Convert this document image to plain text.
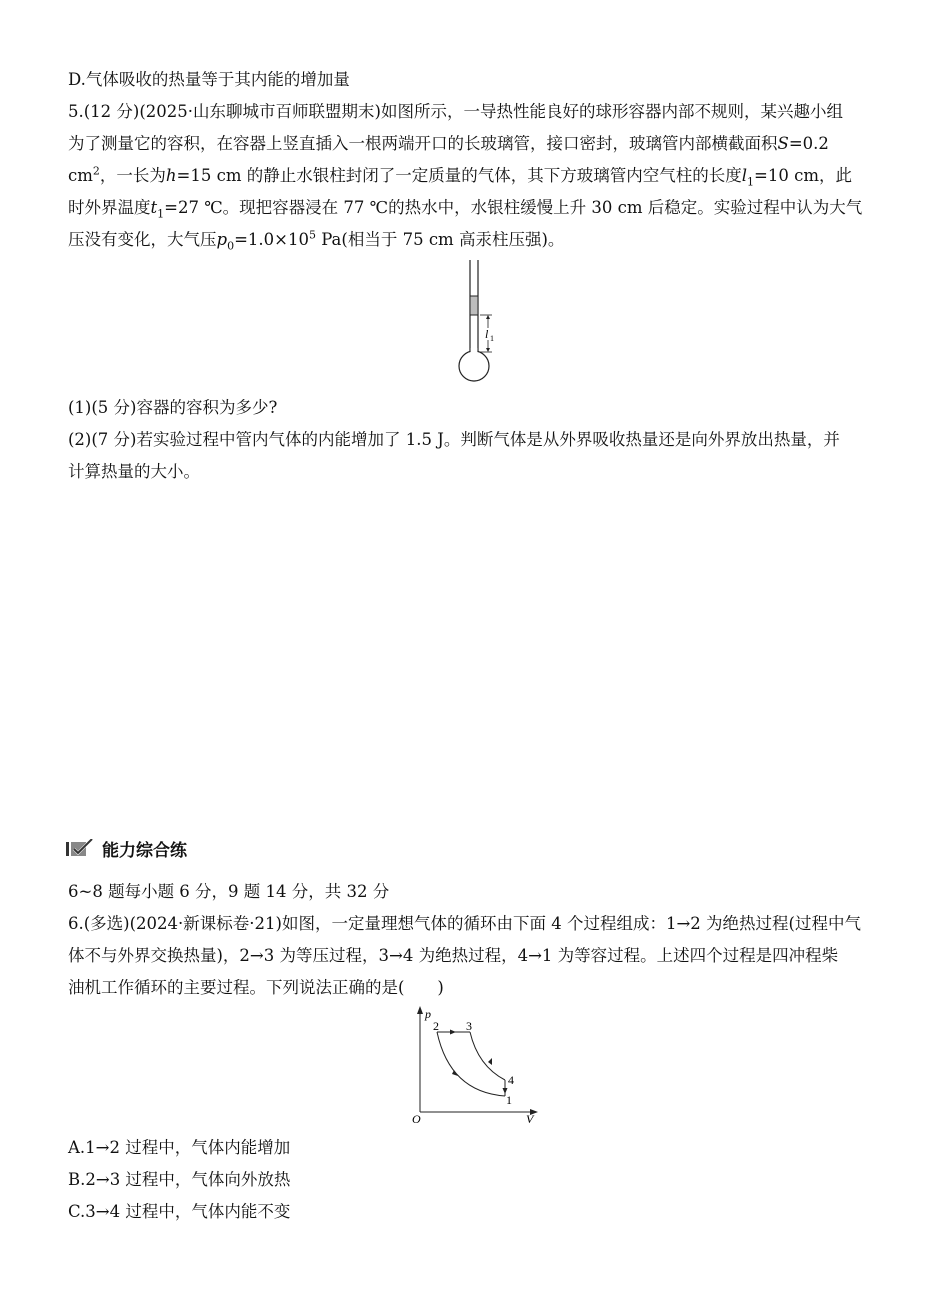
D.气体吸收的热量等于其内能的增加量
5.(12 分)(2025·山东聊城市百师联盟期末)如图所示，一导热性能良好的球形容器内部不规则，某兴趣小组
为了测量它的容积，在容器上竖直插入一根两端开口的长玻璃管，接口密封，玻璃管内部横截面积S=0.2
$cm^2$，一长为h=15 cm 的静止水银柱封闭了一定质量的气体，其下方玻璃管内空气柱的长度$l_1=10$ cm，此
时外界温度$t_1=27$ ℃。现把容器浸在 77 ℃的热水中，水银柱缓慢上升 30 cm 后稳定。实验过程中认为大气
压没有变化，大气压$p_0=1.0\times 10^5$ Pa(相当于 75 cm 高汞柱压强)。
l 1
(1)(5 分)容器的容积为多少?
(2)(7 分)若实验过程中管内气体的内能增加了 1.5 J。判断气体是从外界吸收热量还是向外界放出热量，并
计算热量的大小。
能力综合练
6~8 题每小题 6 分，9 题 14 分，共 32 分
6.(多选)(2024·新课标卷·21)如图，一定量理想气体的循环由下面 4 个过程组成：1→2 为绝热过程(过程中气
体不与外界交换热量)，2→3 为等压过程，3→4 为绝热过程，4→1 为等容过程。上述四个过程是四冲程柴
油机工作循环的主要过程。下列说法正确的是(　　)
p
V
O
2 3
4
1
A.1→2 过程中，气体内能增加
B.2→3 过程中，气体向外放热
C.3→4 过程中，气体内能不变
